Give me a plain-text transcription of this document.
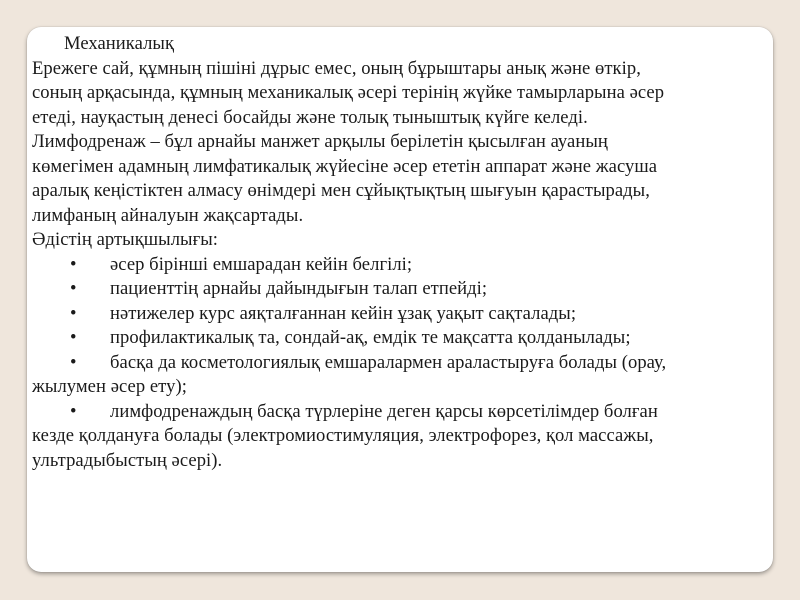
Механикалық
Ережеге сай, құмның пішіні дұрыс емес, оның бұрыштары анық және өткір,
соның арқасында, құмның механикалық әсері терінің жүйке тамырларына әсер
етеді, науқастың денесі босайды және толық тыныштық күйге келеді.
Лимфодренаж – бұл арнайы манжет арқылы берілетін қысылған ауаның
көмегімен адамның лимфатикалық жүйесіне әсер ететін аппарат және жасуша
аралық кеңістіктен алмасу өнімдері мен сұйықтықтың шығуын қарастырады,
лимфаның айналуын жақсартады.
Әдістің артықшылығы:
• әсер бірінші емшарадан кейін белгілі;
• пациенттің арнайы дайындығын талап етпейді;
• нәтижелер курс аяқталғаннан кейін ұзақ уақыт сақталады;
• профилактикалық та, сондай-ақ, емдік те мақсатта қолданылады;
• басқа да косметологиялық емшаралармен араластыруға болады (орау,
жылумен әсер ету);
• лимфодренаждың басқа түрлеріне деген қарсы көрсетілімдер болған
кезде қолдануға болады (электромиостимуляция, электрофорез, қол массажы,
ультрадыбыстың әсері).
